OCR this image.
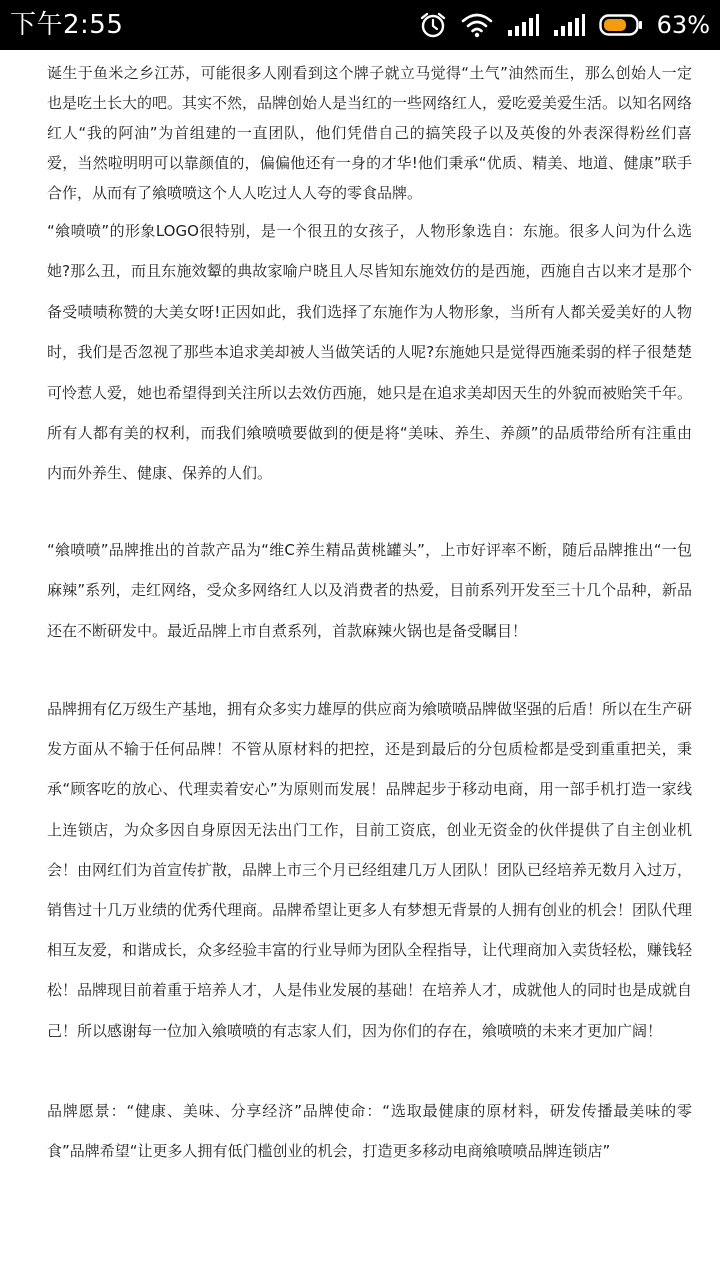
下午2:55	63%

诞生于鱼米之乡江苏，可能很多人刚看到这个牌子就立马觉得“土气”油然而生，那么创始人一定也是吃土长大的吧。其实不然，品牌创始人是当红的一些网络红人，爱吃爱美爱生活。以知名网络红人“我的阿油”为首组建的一直团队，他们凭借自己的搞笑段子以及英俊的外表深得粉丝们喜爱，当然啦明明可以靠颜值的，偏偏他还有一身的才华!他们秉承“优质、精美、地道、健康”联手合作，从而有了飨喷喷这个人人吃过人人夸的零食品牌。

“飨喷喷”的形象LOGO很特别，是一个很丑的女孩子，人物形象选自：东施。很多人问为什么选她?那么丑，而且东施效颦的典故家喻户晓且人尽皆知东施效仿的是西施，西施自古以来才是那个备受啧啧称赞的大美女呀!正因如此，我们选择了东施作为人物形象，当所有人都关爱美好的人物时，我们是否忽视了那些本追求美却被人当做笑话的人呢?东施她只是觉得西施柔弱的样子很楚楚可怜惹人爱，她也希望得到关注所以去效仿西施，她只是在追求美却因天生的外貌而被贻笑千年。所有人都有美的权利，而我们飨喷喷要做到的便是将“美味、养生、养颜”的品质带给所有注重由内而外养生、健康、保养的人们。

“飨喷喷”品牌推出的首款产品为“维C养生精品黄桃罐头”，上市好评率不断，随后品牌推出“一包麻辣”系列，走红网络，受众多网络红人以及消费者的热爱，目前系列开发至三十几个品种，新品还在不断研发中。最近品牌上市自煮系列，首款麻辣火锅也是备受瞩目！

品牌拥有亿万级生产基地，拥有众多实力雄厚的供应商为飨喷喷品牌做坚强的后盾！所以在生产研发方面从不输于任何品牌！不管从原材料的把控，还是到最后的分包质检都是受到重重把关，秉承“顾客吃的放心、代理卖着安心”为原则而发展！品牌起步于移动电商，用一部手机打造一家线上连锁店，为众多因自身原因无法出门工作，目前工资底，创业无资金的伙伴提供了自主创业机会！由网红们为首宣传扩散，品牌上市三个月已经组建几万人团队！团队已经培养无数月入过万，销售过十几万业绩的优秀代理商。品牌希望让更多人有梦想无背景的人拥有创业的机会！团队代理相互友爱，和谐成长，众多经验丰富的行业导师为团队全程指导，让代理商加入卖货轻松，赚钱轻松！品牌现目前着重于培养人才，人是伟业发展的基础！在培养人才，成就他人的同时也是成就自己！所以感谢每一位加入飨喷喷的有志家人们，因为你们的存在，飨喷喷的未来才更加广阔！

品牌愿景：“健康、美味、分享经济”品牌使命：“选取最健康的原材料，研发传播最美味的零食”品牌希望“让更多人拥有低门槛创业的机会，打造更多移动电商飨喷喷品牌连锁店”
